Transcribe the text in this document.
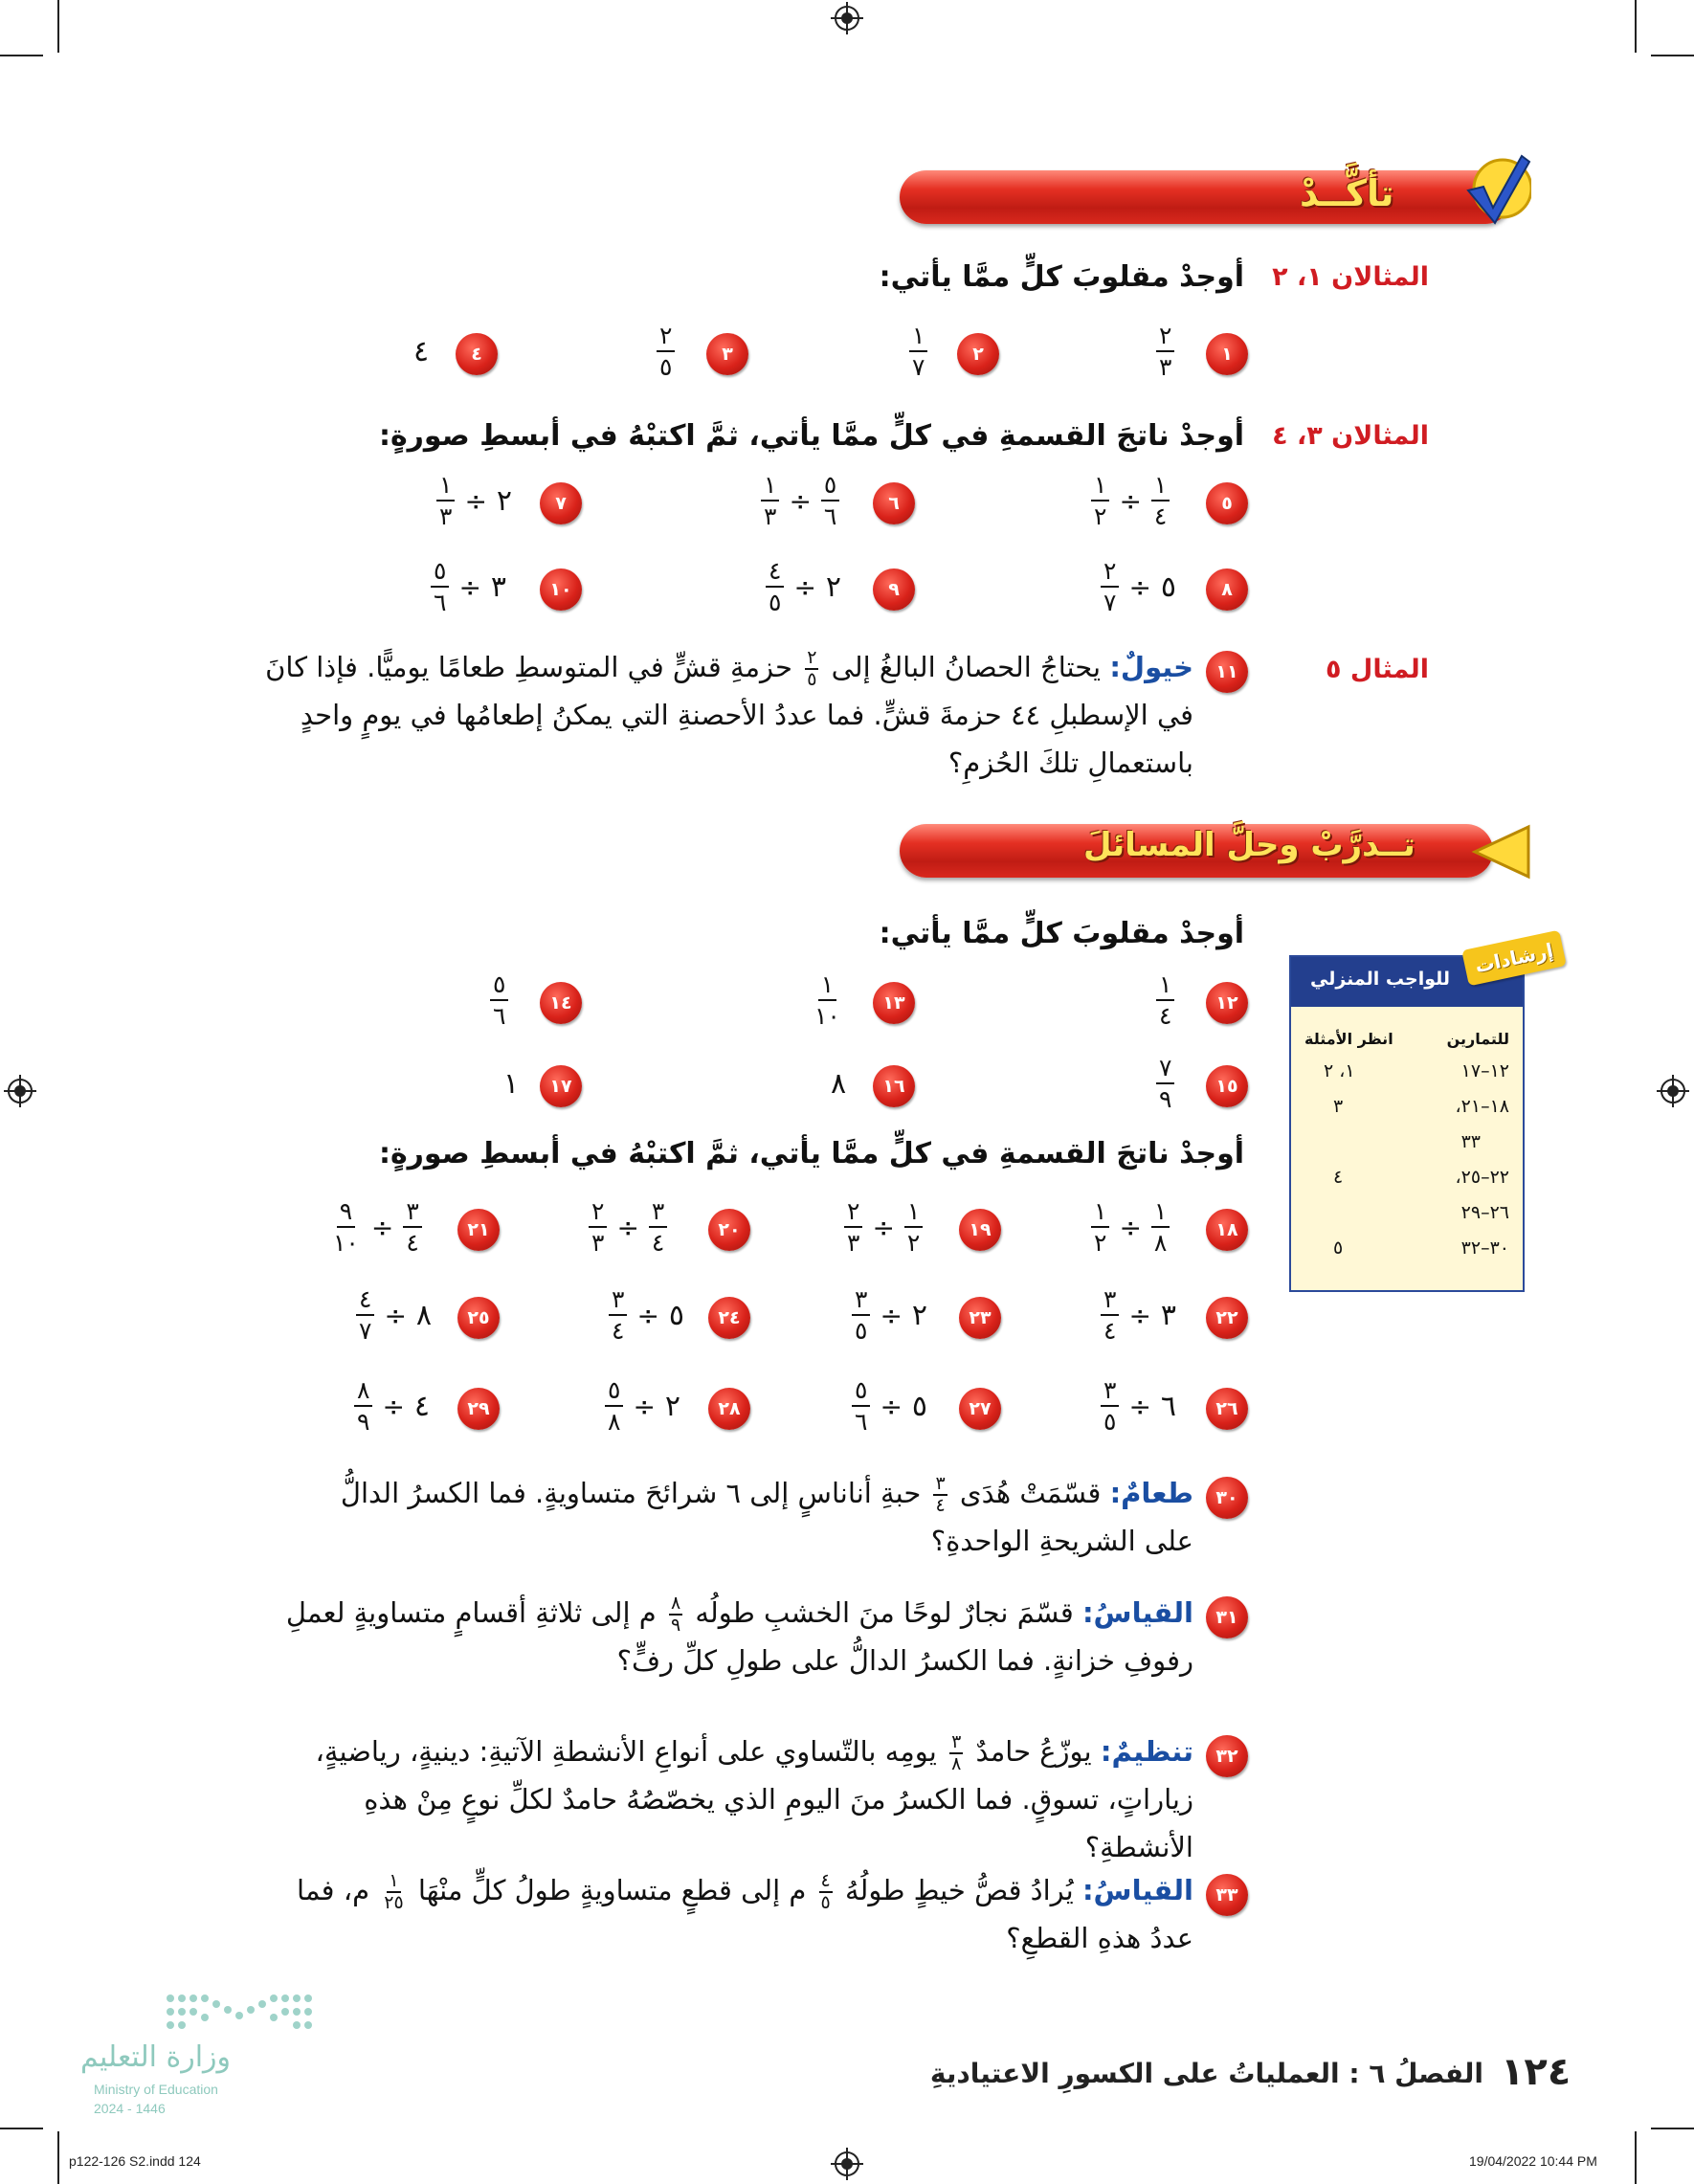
تأكَّــدْ
المثالان ١، ٢
المثالان ٣، ٤
المثال ٥
أوجدْ مقلوبَ كلٍّ ممَّا يأتي:
١
$\frac{٢}{٣}$
٢
$\frac{١}{٧}$
٣
$\frac{٢}{٥}$
٤
٤
أوجدْ ناتجَ القسمةِ في كلٍّ ممَّا يأتي، ثمَّ اكتبْهُ في أبسطِ صورةٍ:
٥
$\frac{١}{٢} \div \frac{١}{٤}$
٦
$\frac{١}{٣} \div \frac{٥}{٦}$
٧
$\frac{١}{٣}$ ÷ ٢
٨
$\frac{٢}{٧}$ ÷ ٥
٩
$\frac{٤}{٥}$ ÷ ٢
١٠
$\frac{٥}{٦}$ ÷ ٣
١١
خيولٌ: يحتاجُ الحصانُ البالغُ إلى
٢
٥
حزمةِ قشٍّ في المتوسطِ طعامًا يوميًّا. فإذا كانَ في الإسطبلِ ٤٤ حزمةَ قشٍّ. فما عددُ الأحصنةِ التي يمكنُ إطعامُها في يومٍ واحدٍ باستعمالِ تلكَ الحُزمِ؟
تــدرَّبْ وحلَّ المسائلَ
أوجدْ مقلوبَ كلٍّ ممَّا يأتي:
للواجب المنزلي
للتمارين
انظر الأمثلة
١٢–١٧
١، ٢
١٨–٢١،
٣
٣٣
٢٢–٢٥،
٤
٢٦–٢٩
٣٠–٣٢
٥
إرشادات
١٢
$\frac{١}{٤}$
١٣
$\frac{١}{١٠}$
١٤
$\frac{٥}{٦}$
١٥
$\frac{٧}{٩}$
١٦
٨
١٧
١
أوجدْ ناتجَ القسمةِ في كلٍّ ممَّا يأتي، ثمَّ اكتبْهُ في أبسطِ صورةٍ:
١٨
$\frac{١}{٢} \div \frac{١}{٨}$
١٩
$\frac{٢}{٣} \div \frac{١}{٢}$
٢٠
$\frac{٢}{٣} \div \frac{٣}{٤}$
٢١
$\frac{٩}{١٠} \div \frac{٣}{٤}$
٢٢
$\frac{٣}{٤}$ ÷ ٣
٢٣
$\frac{٣}{٥}$ ÷ ٢
٢٤
$\frac{٣}{٤}$ ÷ ٥
٢٥
$\frac{٤}{٧}$ ÷ ٨
٢٦
$\frac{٣}{٥}$ ÷ ٦
٢٧
$\frac{٥}{٦}$ ÷ ٥
٢٨
$\frac{٥}{٨}$ ÷ ٢
٢٩
$\frac{٨}{٩}$ ÷ ٤
٣٠
طعامٌ: قسّمَتْ هُدَى
٣
٤
حبةِ أناناسٍ إلى ٦ شرائحَ متساويةٍ. فما الكسرُ الدالُّ على الشريحةِ الواحدةِ؟
٣١
القياسُ: قسّمَ نجارٌ لوحًا منَ الخشبِ طولُه
٨
٩
م إلى ثلاثةِ أقسامٍ متساويةٍ لعملِ رفوفِ خزانةٍ. فما الكسرُ الدالُّ على طولِ كلِّ رفٍّ؟
٣٢
تنظيمٌ: يوزّعُ حامدٌ
٣
٨
يومِه بالتّساوي على أنواعِ الأنشطةِ الآتيةِ: دينيةٍ، رياضيةٍ، زياراتٍ، تسوقٍ. فما الكسرُ منَ اليومِ الذي يخصّصُهُ حامدٌ لكلِّ نوعٍ مِنْ هذهِ الأنشطةِ؟
٣٣
القياسُ: يُرادُ قصُّ خيطٍ طولُهُ
٤
٥
م إلى قطعٍ متساويةٍ طولُ كلٍّ منْهَا
١
٢٥
م، فما عددُ هذهِ القطعِ؟
وزارة التعليم
Ministry of Education
2024 - 1446
١٢٤
الفصلُ ٦ : العملياتُ على الكسورِ الاعتياديةِ
p122-126 S2.indd 124	19/04/2022 10:44 PM
